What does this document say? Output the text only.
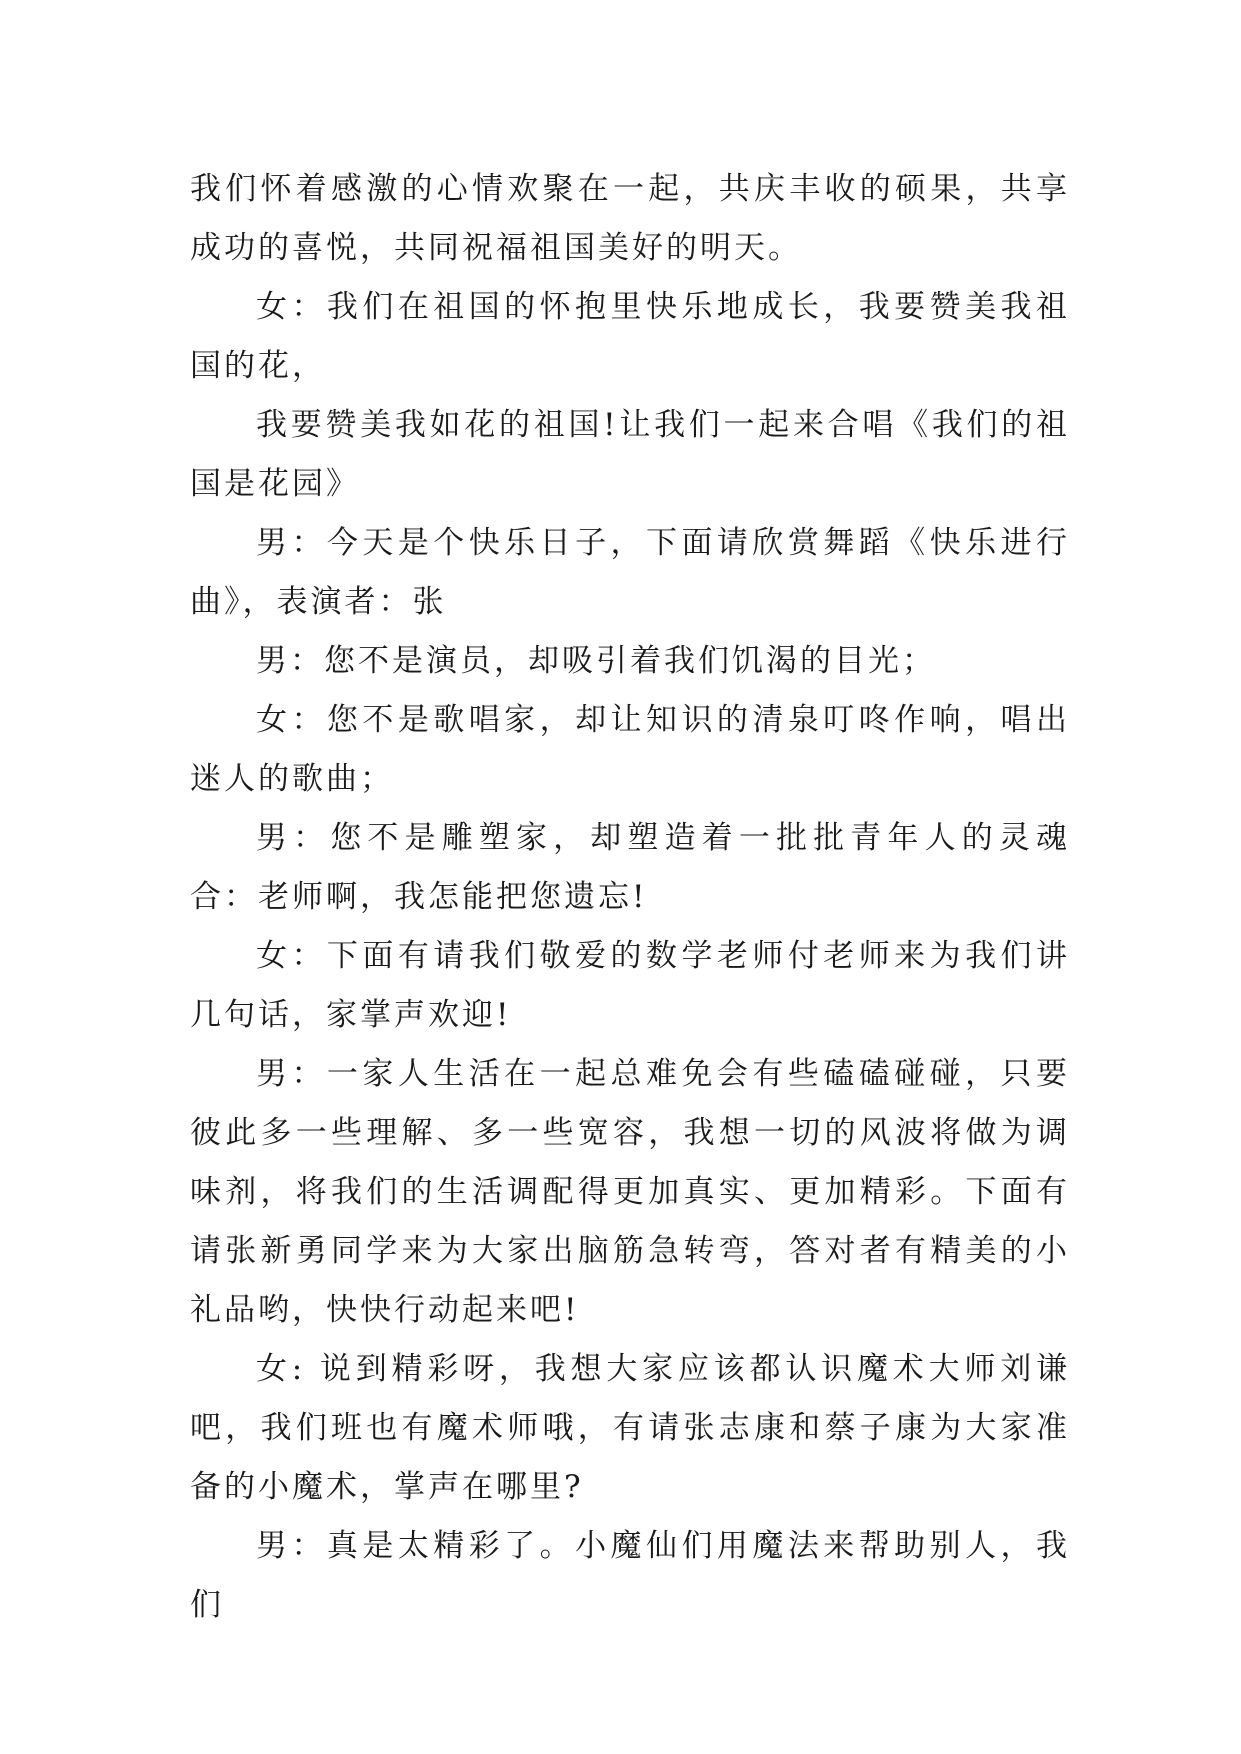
我们怀着感激的心情欢聚在一起，共庆丰收的硕果，共享成功的喜悦，共同祝福祖国美好的明天。

女：我们在祖国的怀抱里快乐地成长，我要赞美我祖国的花，

我要赞美我如花的祖国!让我们一起来合唱《我们的祖国是花园》

男：今天是个快乐日子，下面请欣赏舞蹈《快乐进行曲》，表演者：张

男：您不是演员，却吸引着我们饥渴的目光；

女：您不是歌唱家，却让知识的清泉叮咚作响，唱出迷人的歌曲；

男：您不是雕塑家，却塑造着一批批青年人的灵魂合：老师啊，我怎能把您遗忘!

女：下面有请我们敬爱的数学老师付老师来为我们讲几句话，家掌声欢迎!

男：一家人生活在一起总难免会有些磕磕碰碰，只要彼此多一些理解、多一些宽容，我想一切的风波将做为调味剂，将我们的生活调配得更加真实、更加精彩。下面有请张新勇同学来为大家出脑筋急转弯，答对者有精美的小礼品哟，快快行动起来吧!

女: 说到精彩呀，我想大家应该都认识魔术大师刘谦吧，我们班也有魔术师哦，有请张志康和蔡子康为大家准备的小魔术，掌声在哪里?

男：真是太精彩了。小魔仙们用魔法来帮助别人，我们
